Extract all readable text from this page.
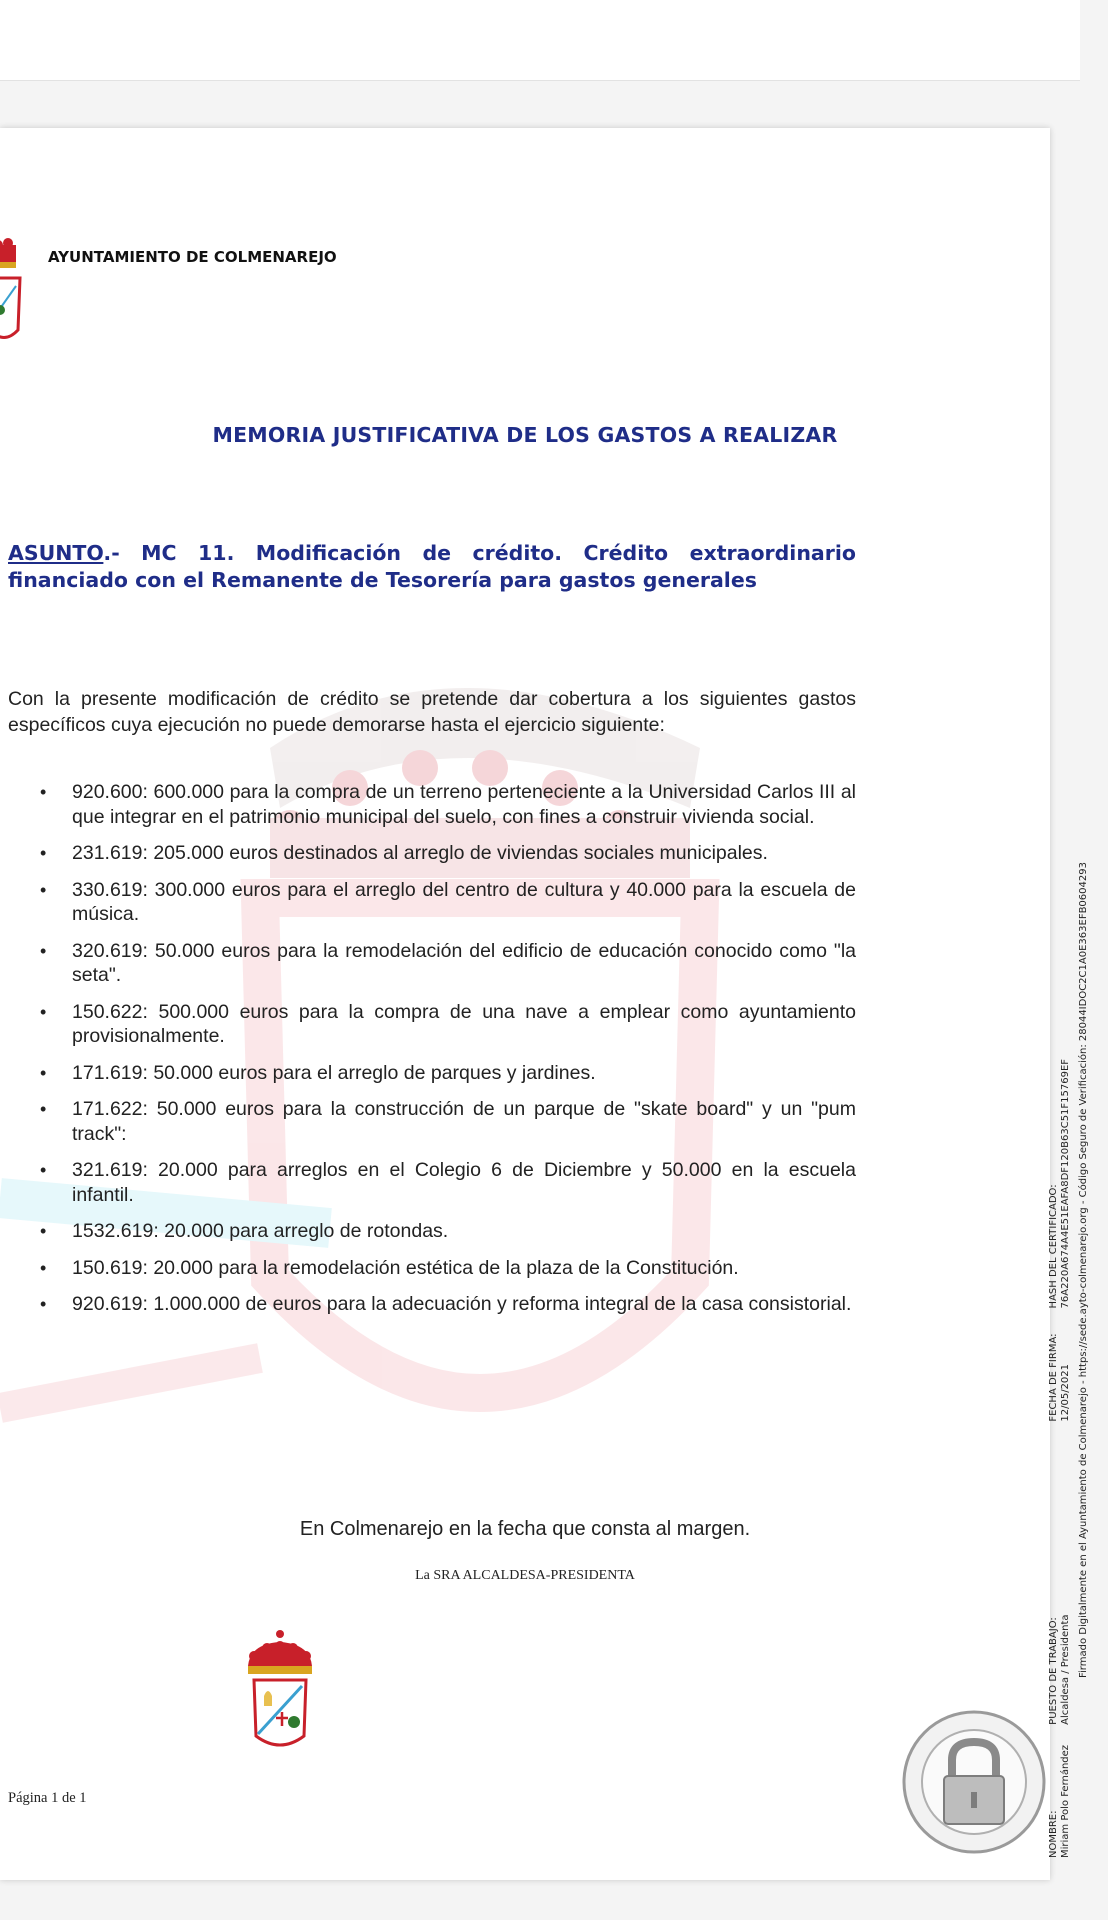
AYUNTAMIENTO DE COLMENAREJO
MEMORIA JUSTIFICATIVA DE LOS GASTOS A REALIZAR
ASUNTO.- MC 11. Modificación de crédito. Crédito extraordinario financiado con el Remanente de Tesorería para gastos generales
Con la presente modificación de crédito se pretende dar cobertura a los siguientes gastos específicos cuya ejecución no puede demorarse hasta el ejercicio siguiente:
• 920.600: 600.000 para la compra de un terreno perteneciente a la Universidad Carlos III al que integrar en el patrimonio municipal del suelo, con fines a construir vivienda social.
• 231.619: 205.000 euros destinados al arreglo de viviendas sociales municipales.
• 330.619: 300.000 euros para el arreglo del centro de cultura y 40.000 para la escuela de música.
• 320.619: 50.000 euros para la remodelación del edificio de educación conocido como "la seta".
• 150.622: 500.000 euros para la compra de una nave a emplear como ayuntamiento provisionalmente.
• 171.619: 50.000 euros para el arreglo de parques y jardines.
• 171.622: 50.000 euros para la construcción de un parque de "skate board" y un "pum track":
• 321.619: 20.000 para arreglos en el Colegio 6 de Diciembre y 50.000 en la escuela infantil.
• 1532.619: 20.000 para arreglo de rotondas.
• 150.619: 20.000 para la remodelación estética de la plaza de la Constitución.
• 920.619: 1.000.000 de euros para la adecuación y reforma integral de la casa consistorial.
En Colmenarejo en la fecha que consta al margen.
La SRA ALCALDESA-PRESIDENTA
Página 1 de 1
NOMBRE: PUESTO DE TRABAJO: FECHA DE FIRMA: HASH DEL CERTIFICADO:
Miriam Polo Fernández Alcaldesa / Presidenta 12/05/2021 76A220A674A4E51EAFA8DF120B63C51F15769EF Firmado Digitalmente en el Ayuntamiento de Colmenarejo - https://sede.ayto-colmenarejo.org - Código Seguro de Verificación: 28044IDOC2C1A0E363EFB0604293
